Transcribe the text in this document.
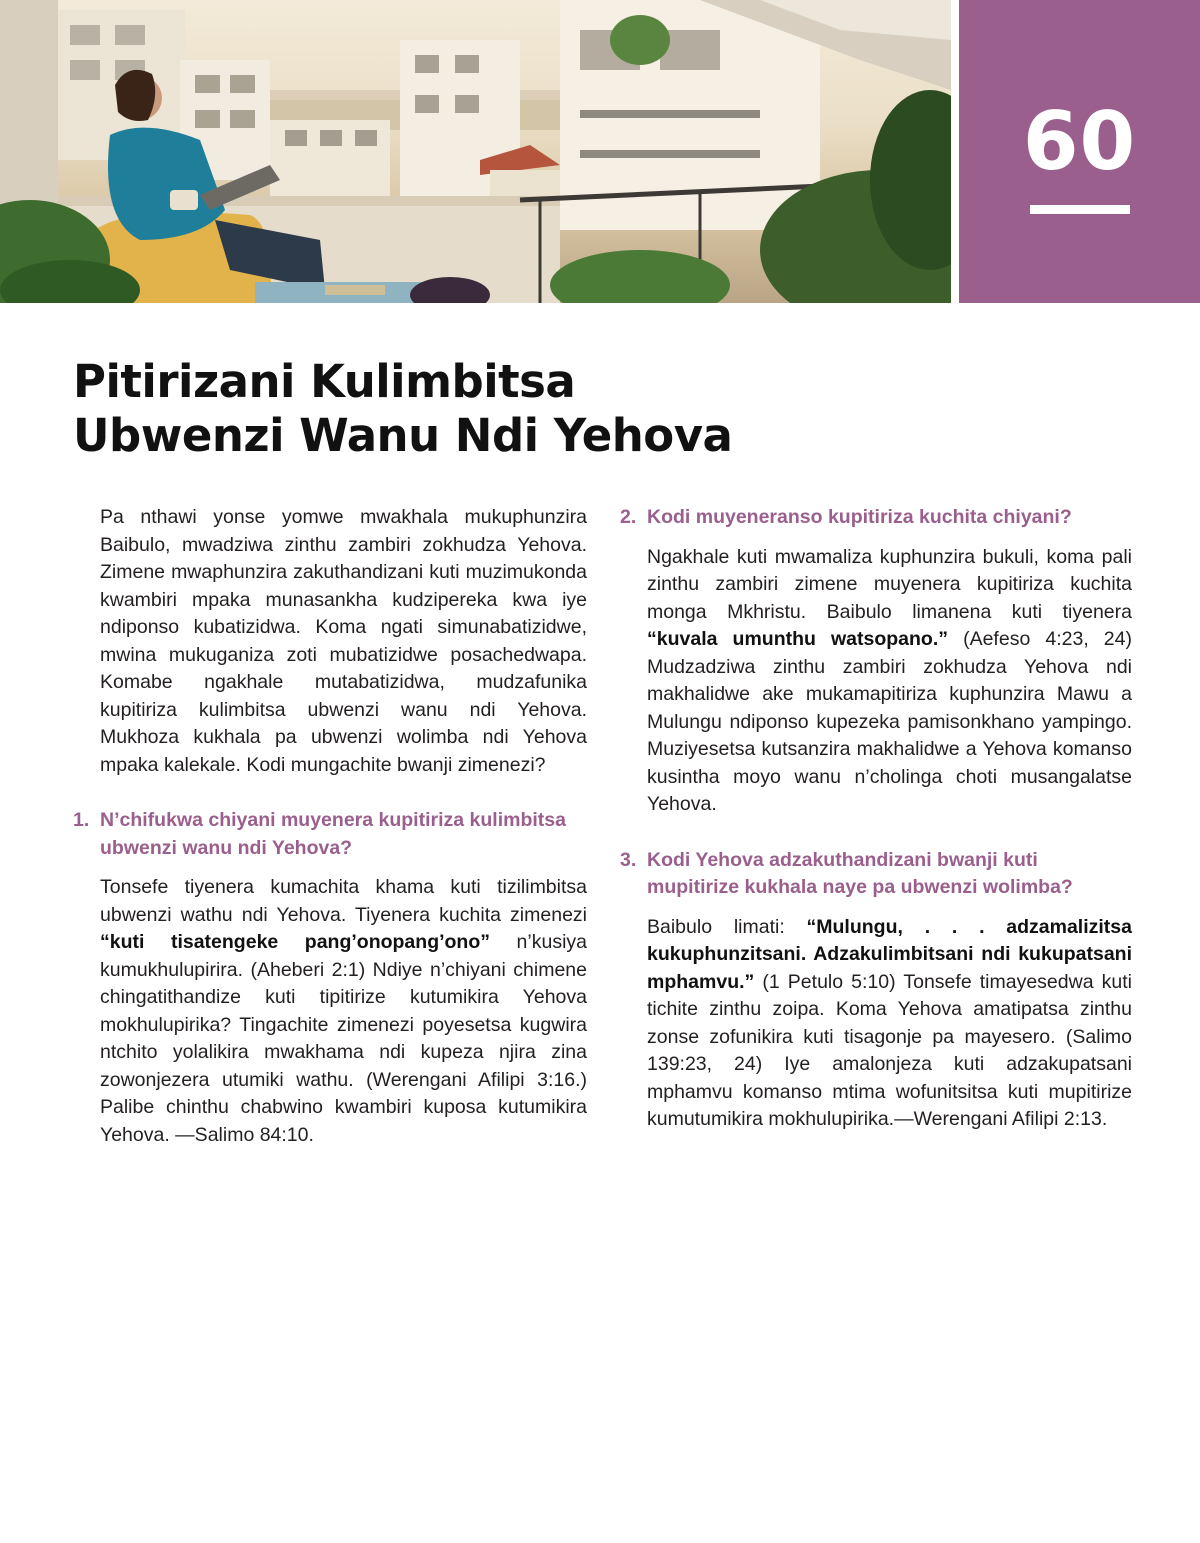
60
Pitirizani Kulimbitsa
Ubwenzi Wanu Ndi Yehova

Pa nthawi yonse yomwe mwakhala mukuphunzira Baibulo, mwadziwa zinthu zambiri zokhudza Yehova. Zimene mwaphunzira zakuthandizani kuti muzimukonda kwambiri mpaka munasankha kudzipereka kwa iye ndiponso kubatizidwa. Koma ngati simunabatizidwe, mwina mukuganiza zoti mubatizidwe posachedwapa. Komabe ngakhale mutabatizidwa, mudzafunika kupitiriza kulimbitsa ubwenzi wanu ndi Yehova. Mukhoza kukhala pa ubwenzi wolimba ndi Yehova mpaka kalekale. Kodi mungachite bwanji zimenezi?

1. N’chifukwa chiyani muyenera kupitiriza kulimbitsa ubwenzi wanu ndi Yehova?

Tonsefe tiyenera kumachita khama kuti tizilimbitsa ubwenzi wathu ndi Yehova. Tiyenera kuchita zimenezi “kuti tisatengeke pang’onopang’ono” n’kusiya kumukhulupirira. (Aheberi 2:1) Ndiye n’chiyani chimene chingatithandize kuti tipitirize kutumikira Yehova mokhulupirika? Tingachite zimenezi poyesetsa kugwira ntchito yolalikira mwakhama ndi kupeza njira zina zowonjezera utumiki wathu. (Werengani Afilipi 3:16.) Palibe chinthu chabwino kwambiri kuposa kutumikira Yehova. —Salimo 84:10.

2. Kodi muyeneranso kupitiriza kuchita chiyani?

Ngakhale kuti mwamaliza kuphunzira bukuli, koma pali zinthu zambiri zimene muyenera kupitiriza kuchita monga Mkhristu. Baibulo limanena kuti tiyenera “kuvala umunthu watsopano.” (Aefeso 4:23, 24) Mudzadziwa zinthu zambiri zokhudza Yehova ndi makhalidwe ake mukamapitiriza kuphunzira Mawu a Mulungu ndiponso kupezeka pamisonkhano yampingo. Muziyesetsa kutsanzira makhalidwe a Yehova komanso kusintha moyo wanu n’cholinga choti musangalatse Yehova.

3. Kodi Yehova adzakuthandizani bwanji kuti mupitirize kukhala naye pa ubwenzi wolimba?

Baibulo limati: “Mulungu, . . . adzamalizitsa kukuphunzitsani. Adzakulimbitsani ndi kukupatsani mphamvu.” (1 Petulo 5:10) Tonsefe timayesedwa kuti tichite zinthu zoipa. Koma Yehova amatipatsa zinthu zonse zofunikira kuti tisagonje pa mayesero. (Salimo 139:23, 24) Iye amalonjeza kuti adzakupatsani mphamvu komanso mtima wofunitsitsa kuti mupitirize kumutumikira mokhulupirika.—Werengani Afilipi 2:13.
